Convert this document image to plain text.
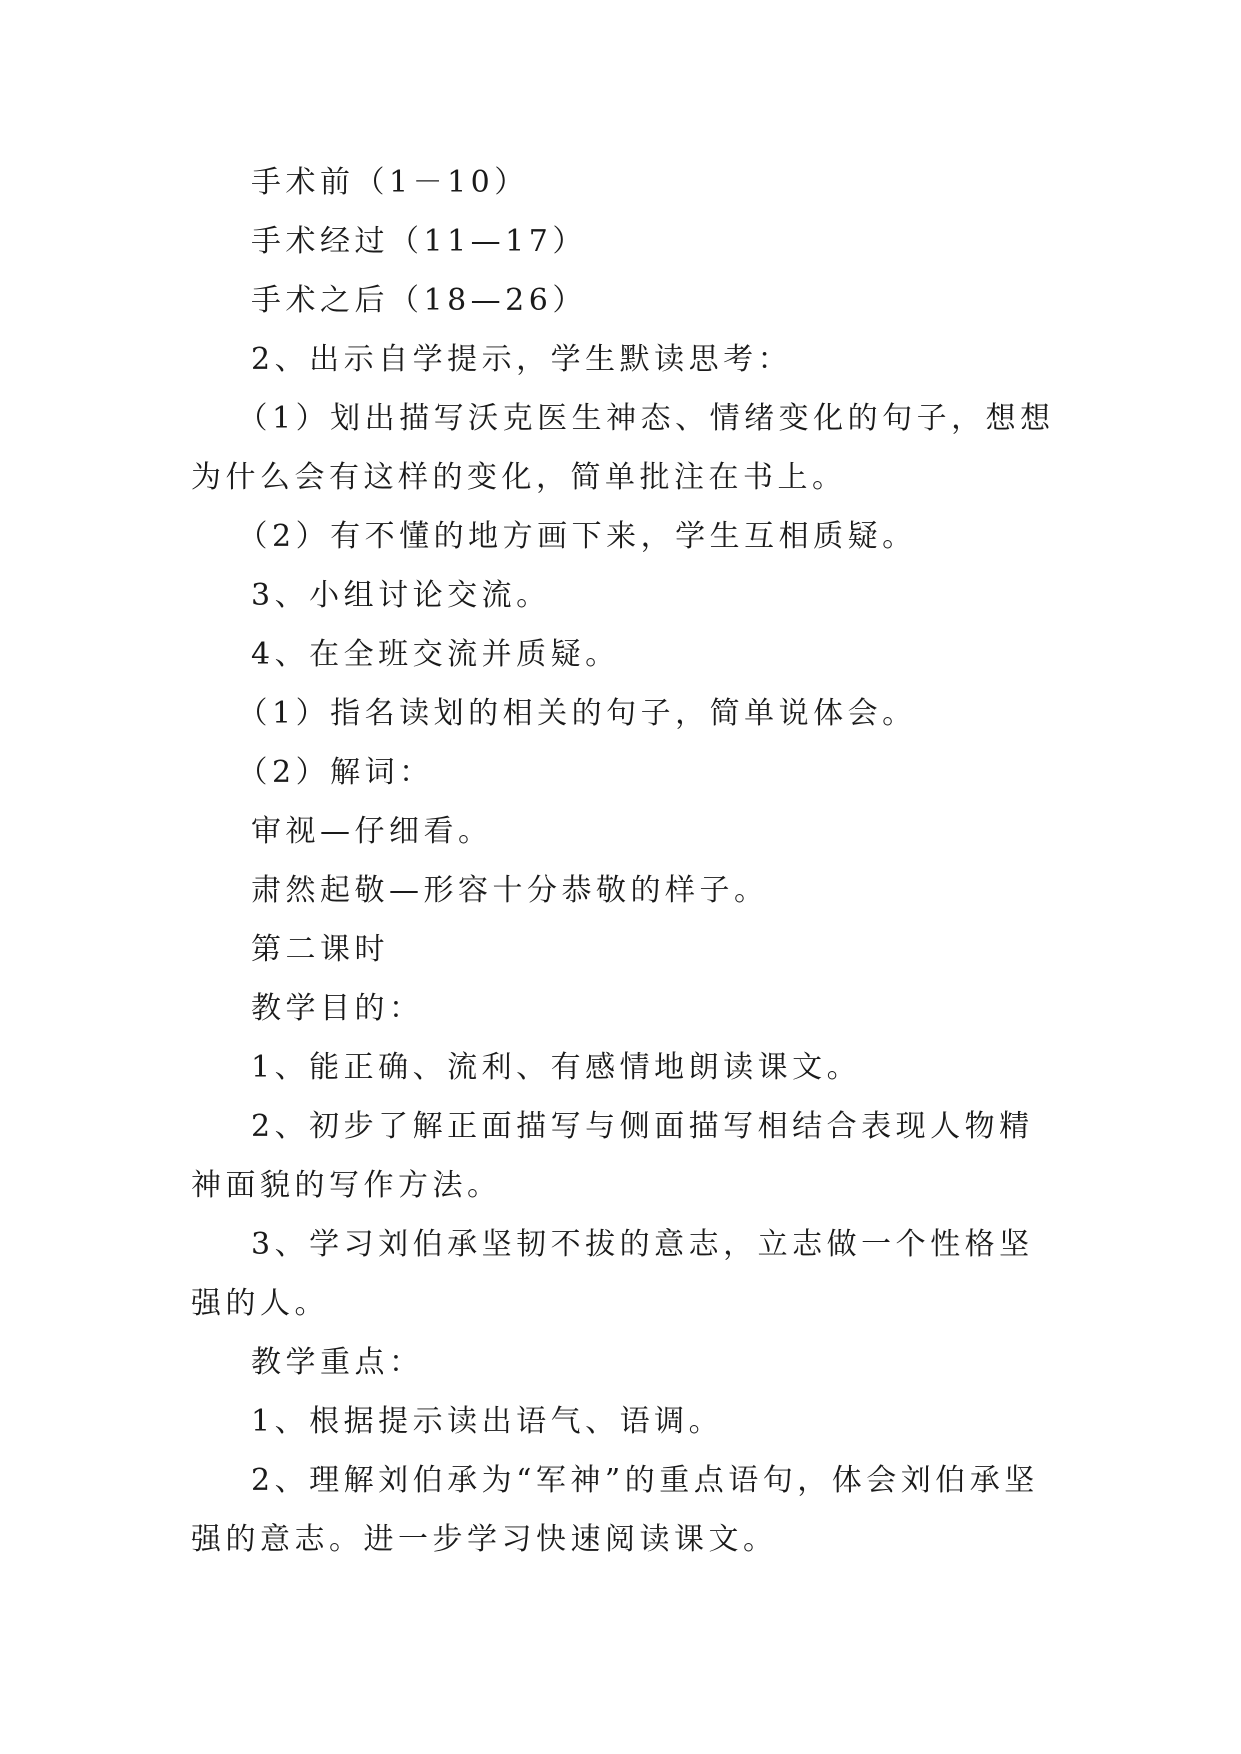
手术前（1－10）

手术经过（11—17）

手术之后（18—26）

2、出示自学提示，学生默读思考：

（1）划出描写沃克医生神态、情绪变化的句子，想想为什么会有这样的变化，简单批注在书上。

（2）有不懂的地方画下来，学生互相质疑。

3、小组讨论交流。

4、在全班交流并质疑。

（1）指名读划的相关的句子，简单说体会。

（2）解词：

审视—仔细看。

肃然起敬—形容十分恭敬的样子。

第二课时

教学目的：

1、能正确、流利、有感情地朗读课文。

2、初步了解正面描写与侧面描写相结合表现人物精神面貌的写作方法。

3、学习刘伯承坚韧不拔的意志，立志做一个性格坚强的人。

教学重点：

1、根据提示读出语气、语调。

2、理解刘伯承为“军神”的重点语句，体会刘伯承坚强的意志。进一步学习快速阅读课文。
